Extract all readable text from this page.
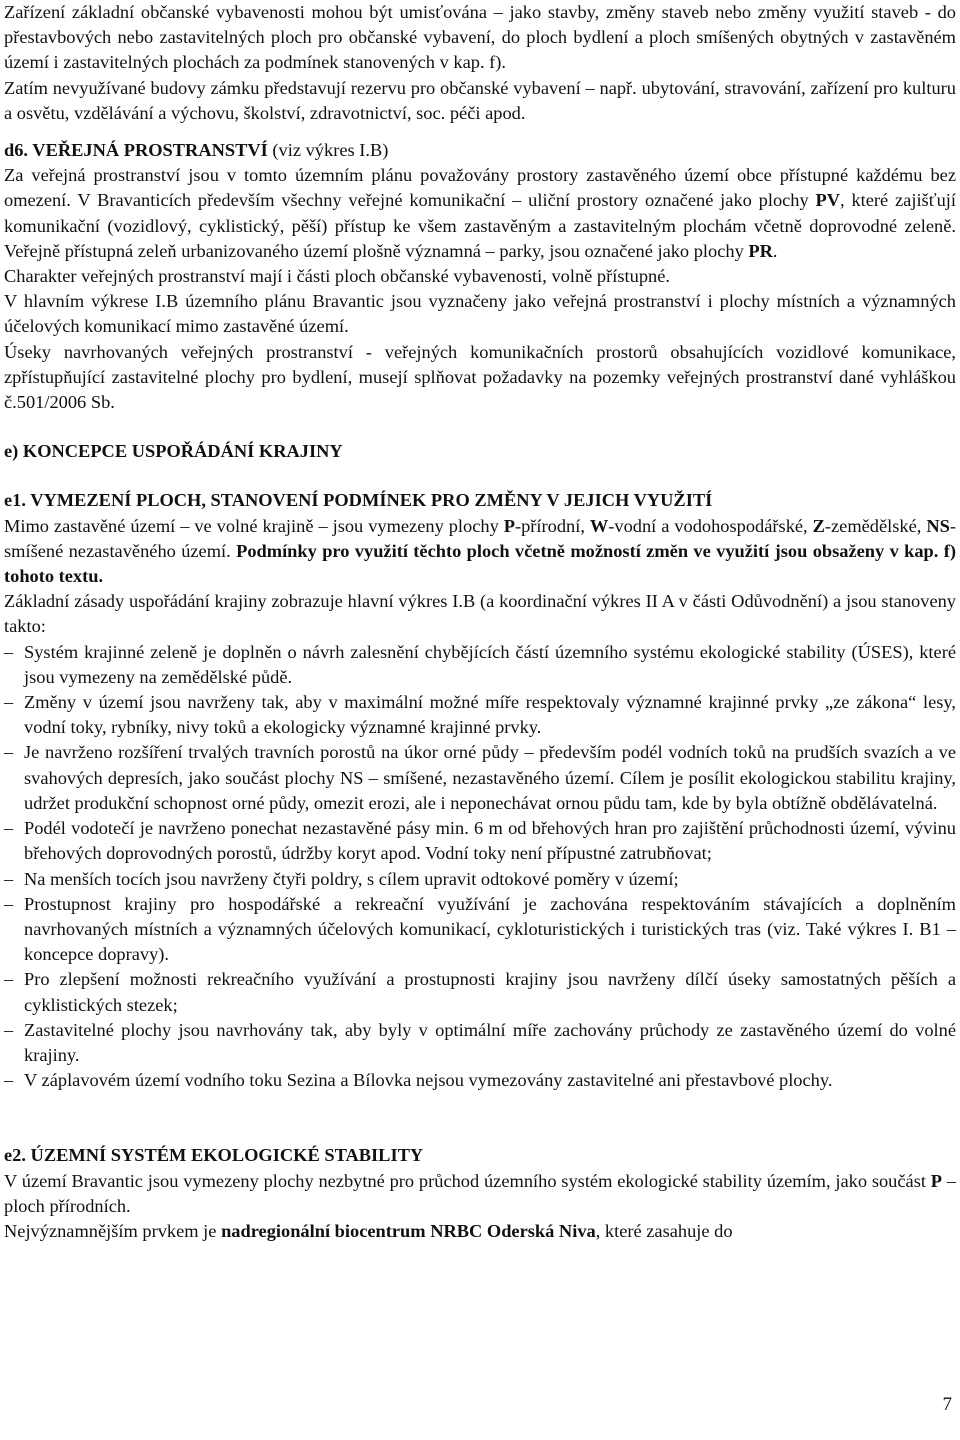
Zařízení základní občanské vybavenosti mohou být umisťována – jako stavby, změny staveb nebo změny využití staveb - do přestavbových nebo zastavitelných ploch pro občanské vybavení, do ploch bydlení a ploch smíšených obytných v zastavěném území i zastavitelných plochách za podmínek stanovených v kap. f).

Zatím nevyužívané budovy zámku představují rezervu pro občanské vybavení – např. ubytování, stravování, zařízení pro kulturu a osvětu, vzdělávání a výchovu, školství, zdravotnictví, soc. péči apod.

d6. VEŘEJNÁ PROSTRANSTVÍ (viz výkres I.B)

Za veřejná prostranství jsou v tomto územním plánu považovány prostory zastavěného území obce přístupné každému bez omezení. V Bravanticích především všechny veřejné komunikační – uliční prostory označené jako plochy PV, které zajišťují komunikační (vozidlový, cyklistický, pěší) přístup ke všem zastavěným a zastavitelným plochám včetně doprovodné zeleně. Veřejně přístupná zeleň urbanizovaného území plošně významná – parky, jsou označené jako plochy PR.

Charakter veřejných prostranství mají i části ploch občanské vybavenosti, volně přístupné.

V hlavním výkrese I.B územního plánu Bravantic jsou vyznačeny jako veřejná prostranství i plochy místních a významných účelových komunikací mimo zastavěné území.

Úseky navrhovaných veřejných prostranství - veřejných komunikačních prostorů obsahujících vozidlové komunikace, zpřístupňující zastavitelné plochy pro bydlení, musejí splňovat požadavky na pozemky veřejných prostranství dané vyhláškou č.501/2006 Sb.

e) KONCEPCE USPOŘÁDÁNÍ KRAJINY

e1. VYMEZENÍ PLOCH, STANOVENÍ PODMÍNEK PRO ZMĚNY V JEJICH VYUŽITÍ

Mimo zastavěné území – ve volné krajině – jsou vymezeny plochy P-přírodní, W-vodní a vodohospodářské, Z-zemědělské, NS-smíšené nezastavěného území. Podmínky pro využití těchto ploch včetně možností změn ve využití jsou obsaženy v kap. f) tohoto textu.

Základní zásady uspořádání krajiny zobrazuje hlavní výkres I.B (a koordinační výkres II A v části Odůvodnění) a jsou stanoveny takto:

– Systém krajinné zeleně je doplněn o návrh zalesnění chybějících částí územního systému ekologické stability (ÚSES), které jsou vymezeny na zemědělské půdě.
– Změny v území jsou navrženy tak, aby v maximální možné míře respektovaly významné krajinné prvky „ze zákona“ lesy, vodní toky, rybníky, nivy toků a ekologicky významné krajinné prvky.
– Je navrženo rozšíření trvalých travních porostů na úkor orné půdy – především podél vodních toků na prudších svazích a ve svahových depresích, jako součást plochy NS – smíšené, nezastavěného území. Cílem je posílit ekologickou stabilitu krajiny, udržet produkční schopnost orné půdy, omezit erozi, ale i neponechávat ornou půdu tam, kde by byla obtížně obdělávatelná.
– Podél vodotečí je navrženo ponechat nezastavěné pásy min. 6 m od břehových hran pro zajištění průchodnosti území, vývinu břehových doprovodných porostů, údržby koryt apod. Vodní toky není přípustné zatrubňovat;
– Na menších tocích jsou navrženy čtyři poldry, s cílem upravit odtokové poměry v území;
– Prostupnost krajiny pro hospodářské a rekreační využívání je zachována respektováním stávajících a doplněním navrhovaných místních a významných účelových komunikací, cykloturistických i turistických tras (viz. Také výkres I. B1 – koncepce dopravy).
– Pro zlepšení možnosti rekreačního využívání a prostupnosti krajiny jsou navrženy dílčí úseky samostatných pěších a cyklistických stezek;
– Zastavitelné plochy jsou navrhovány tak, aby byly v optimální míře zachovány průchody ze zastavěného území do volné krajiny.
– V záplavovém území vodního toku Sezina a Bílovka nejsou vymezovány zastavitelné ani přestavbové plochy.

e2. ÚZEMNÍ SYSTÉM EKOLOGICKÉ STABILITY

V území Bravantic jsou vymezeny plochy nezbytné pro průchod územního systém ekologické stability územím, jako součást P – ploch přírodních.

Nejvýznamnějším prvkem je nadregionální biocentrum NRBC Oderská Niva, které zasahuje do

7
